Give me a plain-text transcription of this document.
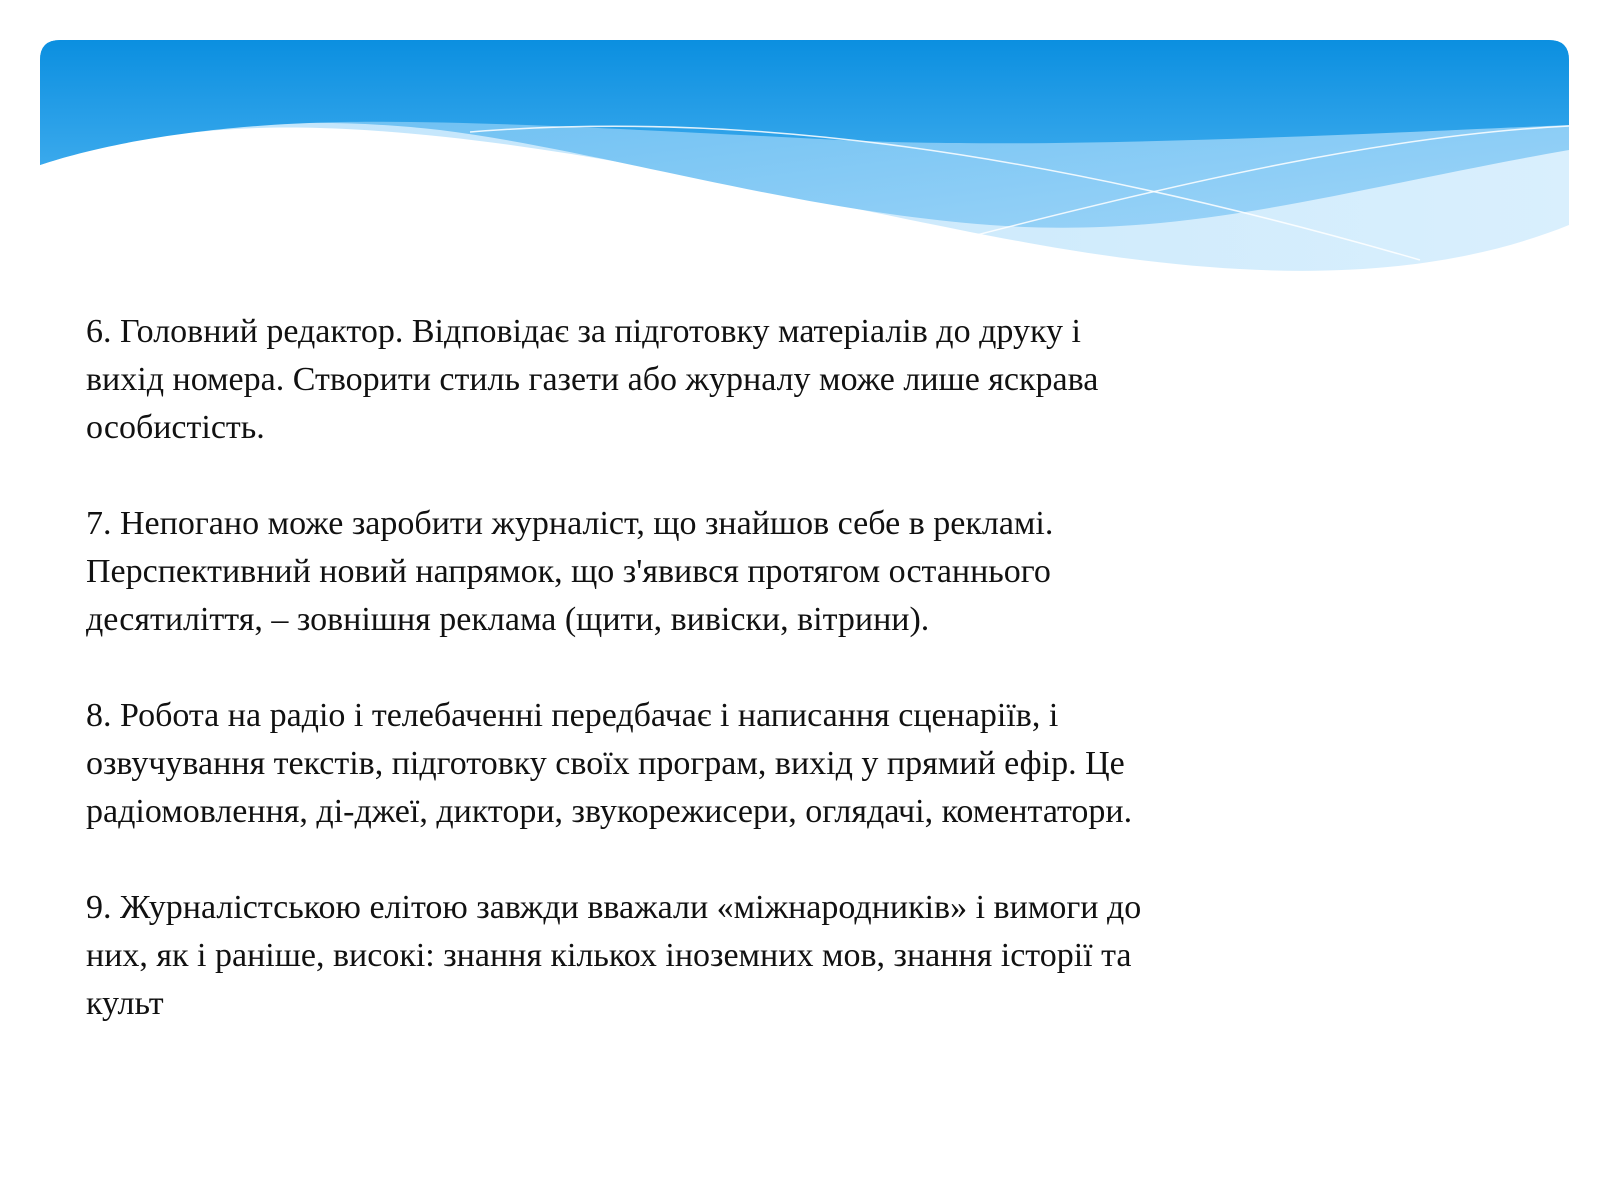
6. Головний редактор. Відповідає за підготовку матеріалів до друку і
вихід номера. Створити стиль газети або журналу може лише яскрава
особистість.

7. Непогано може заробити журналіст, що знайшов себе в рекламі.
Перспективний новий напрямок, що з'явився протягом останнього
десятиліття, – зовнішня реклама (щити, вивіски, вітрини).

8. Робота на радіо і телебаченні передбачає і написання сценаріїв, і
озвучування текстів, підготовку своїх програм, вихід у прямий ефір. Це
радіомовлення, ді-джеї, диктори, звукорежисери, оглядачі, коментатори.

9. Журналістською елітою завжди вважали «міжнародників» і вимоги до
них, як і раніше, високі: знання кількох іноземних мов, знання історії та
культ
